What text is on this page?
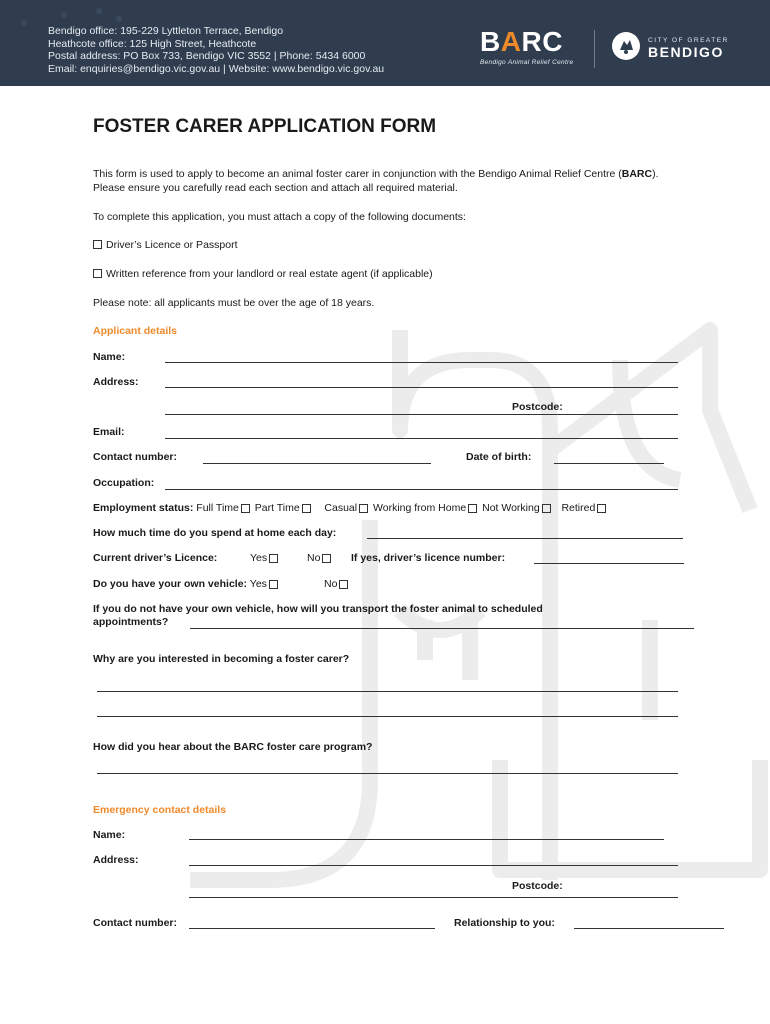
● ● ●
●
Bendigo office: 195-229 Lyttleton Terrace, Bendigo
Heathcote office: 125 High Street, Heathcote
Postal address: PO Box 733, Bendigo VIC 3552 | Phone: 5434 6000
Email: enquiries@bendigo.vic.gov.au | Website: www.bendigo.vic.gov.au
BARC
Bendigo Animal Relief Centre
CITY OF GREATER
BENDIGO
FOSTER CARER APPLICATION FORM
This form is used to apply to become an animal foster carer in conjunction with the Bendigo Animal Relief Centre (BARC). Please ensure you carefully read each section and attach all required material.
To complete this application, you must attach a copy of the following documents:
Driver’s Licence or Passport
Written reference from your landlord or real estate agent (if applicable)
Please note: all applicants must be over the age of 18 years.
Applicant details
Name:
Address:
Postcode:
Email:
Contact number:	Date of birth:
Occupation:
Employment status: Full Time Part Time Casual Working from Home Not Working Retired
How much time do you spend at home each day:
Current driver’s Licence:	Yes	No	If yes, driver’s licence number:
Do you have your own vehicle: Yes	No
If you do not have your own vehicle, how will you transport the foster animal to scheduled
appointments?
Why are you interested in becoming a foster carer?
How did you hear about the BARC foster care program?
Emergency contact details
Name:
Address:
Postcode:
Contact number:	Relationship to you:
